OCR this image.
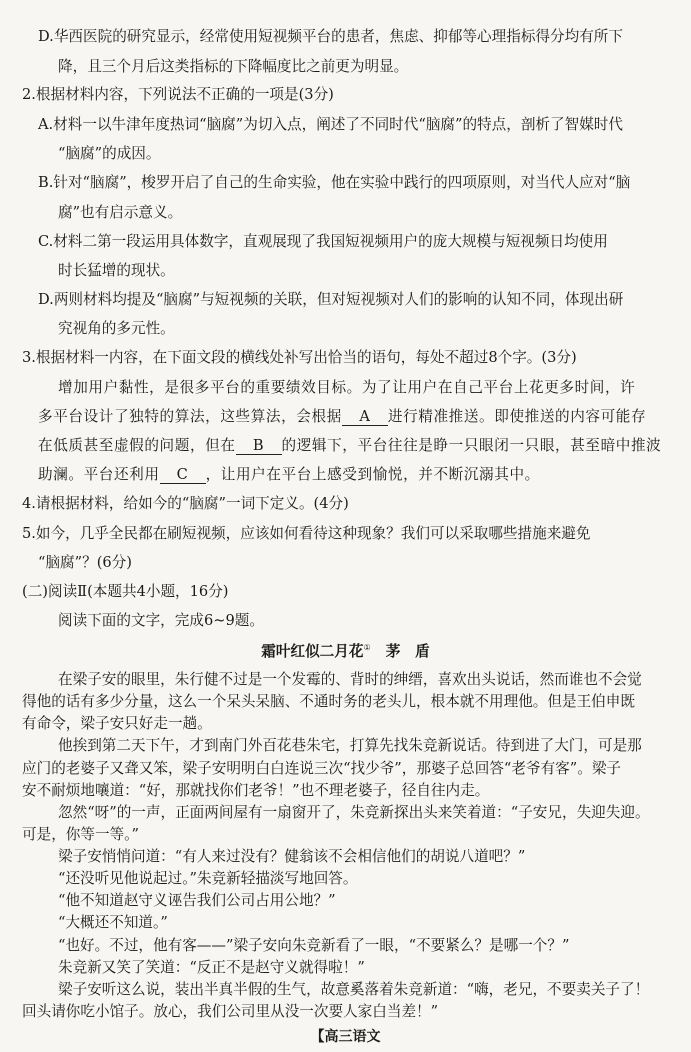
D.华西医院的研究显示，经常使用短视频平台的患者，焦虑、抑郁等心理指标得分均有所下
降，且三个月后这类指标的下降幅度比之前更为明显。
2.根据材料内容，下列说法不正确的一项是(3分)
A.材料一以牛津年度热词“脑腐”为切入点，阐述了不同时代“脑腐”的特点，剖析了智媒时代
“脑腐”的成因。
B.针对“脑腐”，梭罗开启了自己的生命实验，他在实验中践行的四项原则，对当代人应对“脑
腐”也有启示意义。
C.材料二第一段运用具体数字，直观展现了我国短视频用户的庞大规模与短视频日均使用
时长猛增的现状。
D.两则材料均提及“脑腐”与短视频的关联，但对短视频对人们的影响的认知不同，体现出研
究视角的多元性。
3.根据材料一内容，在下面文段的横线处补写出恰当的语句，每处不超过8个字。(3分)
增加用户黏性，是很多平台的重要绩效目标。为了让用户在自己平台上花更多时间，许
多平台设计了独特的算法，这些算法，会根据 A 进行精准推送。即使推送的内容可能存
在低质甚至虚假的问题，但在 B 的逻辑下，平台往往是睁一只眼闭一只眼，甚至暗中推波
助澜。平台还利用 C ，让用户在平台上感受到愉悦，并不断沉溺其中。
4.请根据材料，给如今的“脑腐”一词下定义。(4分)
5.如今，几乎全民都在刷短视频，应该如何看待这种现象？我们可以采取哪些措施来避免
“脑腐”？(6分)
(二)阅读Ⅱ(本题共4小题，16分)
阅读下面的文字，完成6~9题。
霜叶红似二月花① 茅　盾
在梁子安的眼里，朱行健不过是一个发霉的、背时的绅缙，喜欢出头说话，然而谁也不会觉
得他的话有多少分量，这么一个呆头呆脑、不通时务的老头儿，根本就不用理他。但是王伯申既
有命令，梁子安只好走一趟。
他挨到第二天下午，才到南门外百花巷朱宅，打算先找朱竞新说话。待到进了大门，可是那
应门的老婆子又聋又笨，梁子安明明白白连说三次“找少爷”，那婆子总回答“老爷有客”。梁子
安不耐烦地嚷道：“好，那就找你们老爷！”也不理老婆子，径自往内走。
忽然“呀”的一声，正面两间屋有一扇窗开了，朱竞新探出头来笑着道：“子安兄，失迎失迎。
可是，你等一等。”
梁子安悄悄问道：“有人来过没有？健翁该不会相信他们的胡说八道吧？”
“还没听见他说起过。”朱竞新轻描淡写地回答。
“他不知道赵守义诬告我们公司占用公地？”
“大概还不知道。”
“也好。不过，他有客——”梁子安向朱竞新看了一眼，“不要紧么？是哪一个？”
朱竞新又笑了笑道：“反正不是赵守义就得啦！”
梁子安听这么说，装出半真半假的生气，故意奚落着朱竞新道：“嗨，老兄，不要卖关子了！
回头请你吃小馆子。放心，我们公司里从没一次要人家白当差！”
【高三语文
